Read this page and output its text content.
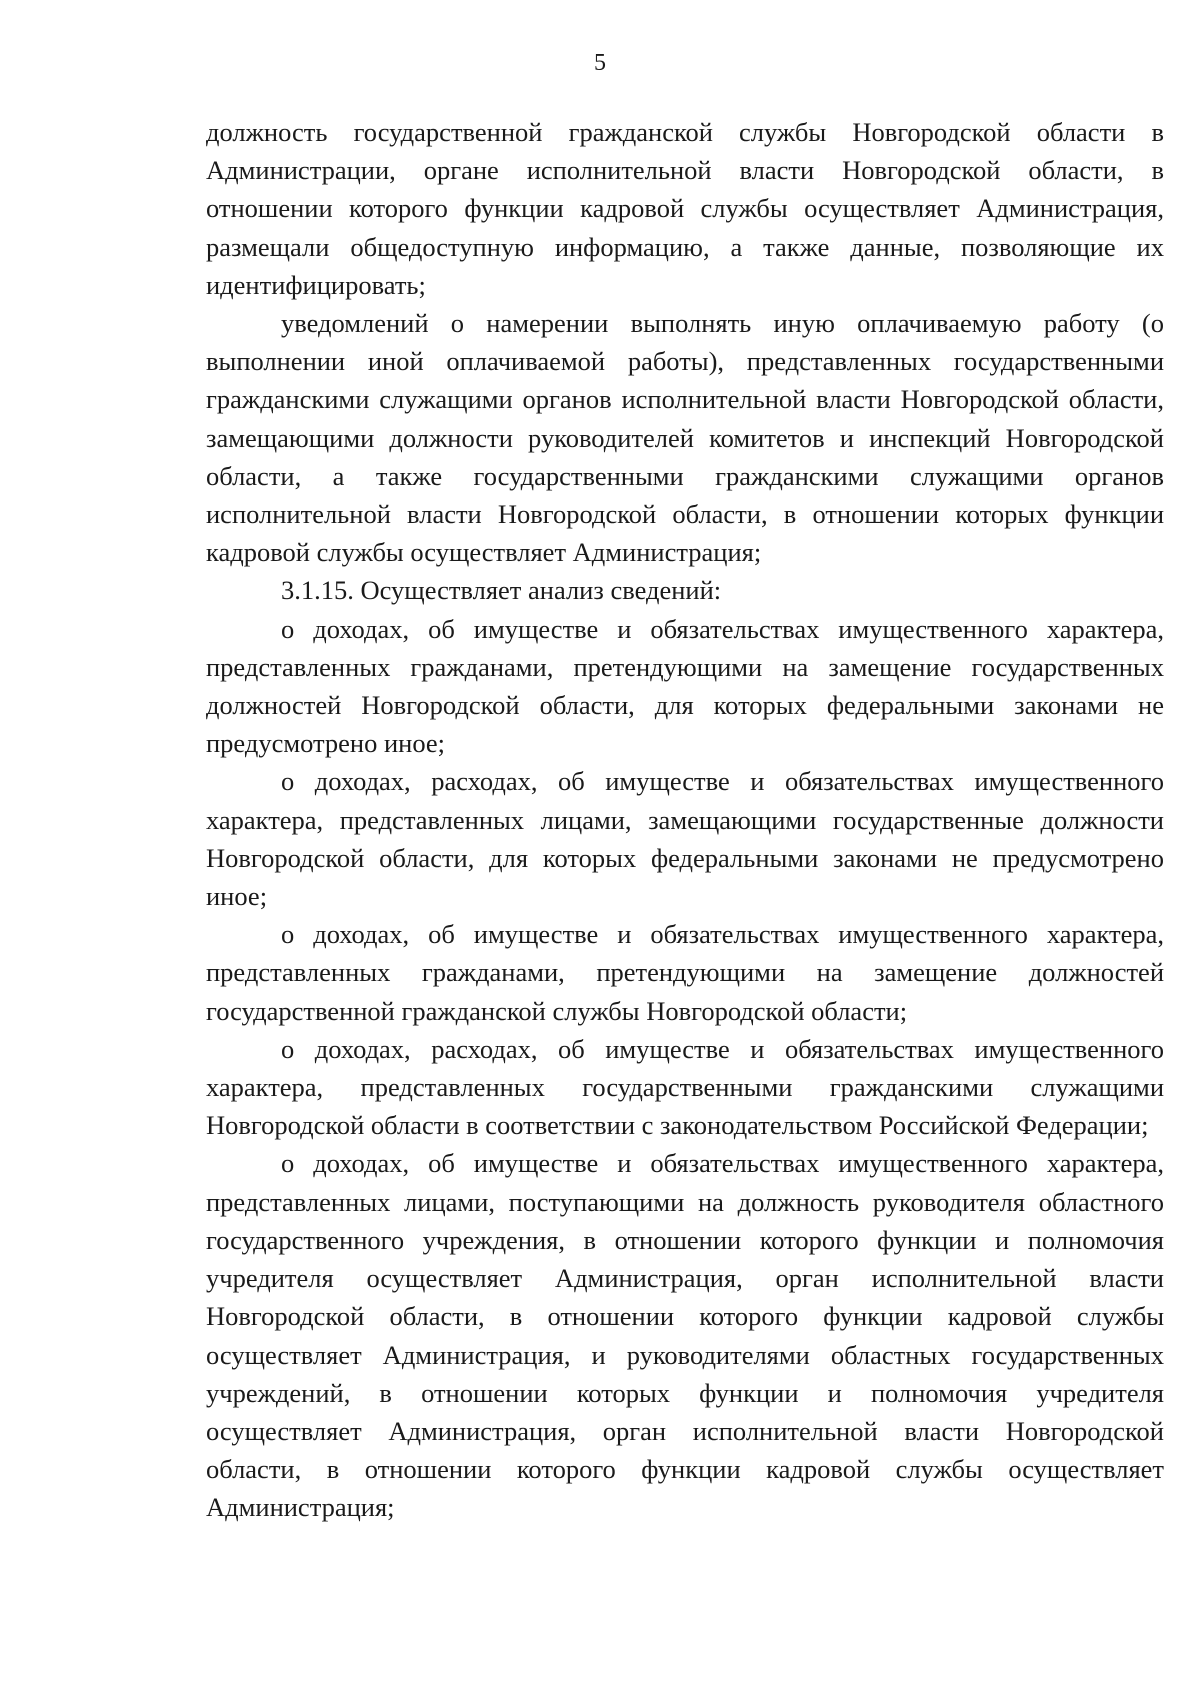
5

должность государственной гражданской службы Новгородской области в Администрации, органе исполнительной власти Новгородской области, в отношении которого функции кадровой службы осуществляет Администрация, размещали общедоступную информацию, а также данные, позволяющие их идентифицировать;

уведомлений о намерении выполнять иную оплачиваемую работу (о выполнении иной оплачиваемой работы), представленных государственными гражданскими служащими органов исполнительной власти Новгородской области, замещающими должности руководителей комитетов и инспекций Новгородской области, а также государственными гражданскими служащими органов исполнительной власти Новгородской области, в отношении которых функции кадровой службы осуществляет Администрация;

3.1.15. Осуществляет анализ сведений:

о доходах, об имуществе и обязательствах имущественного характера, представленных гражданами, претендующими на замещение государственных должностей Новгородской области, для которых федеральными законами не предусмотрено иное;

о доходах, расходах, об имуществе и обязательствах имущественного характера, представленных лицами, замещающими государственные должности Новгородской области, для которых федеральными законами не предусмотрено иное;

о доходах, об имуществе и обязательствах имущественного характера, представленных гражданами, претендующими на замещение должностей государственной гражданской службы Новгородской области;

о доходах, расходах, об имуществе и обязательствах имущественного характера, представленных государственными гражданскими служащими Новгородской области в соответствии с законодательством Российской Федерации;

о доходах, об имуществе и обязательствах имущественного характера, представленных лицами, поступающими на должность руководителя областного государственного учреждения, в отношении которого функции и полномочия учредителя осуществляет Администрация, орган исполнительной власти Новгородской области, в отношении которого функции кадровой службы осуществляет Администрация, и руководителями областных государственных учреждений, в отношении которых функции и полномочия учредителя осуществляет Администрация, орган исполнительной власти Новгородской области, в отношении которого функции кадровой службы осуществляет Администрация;
